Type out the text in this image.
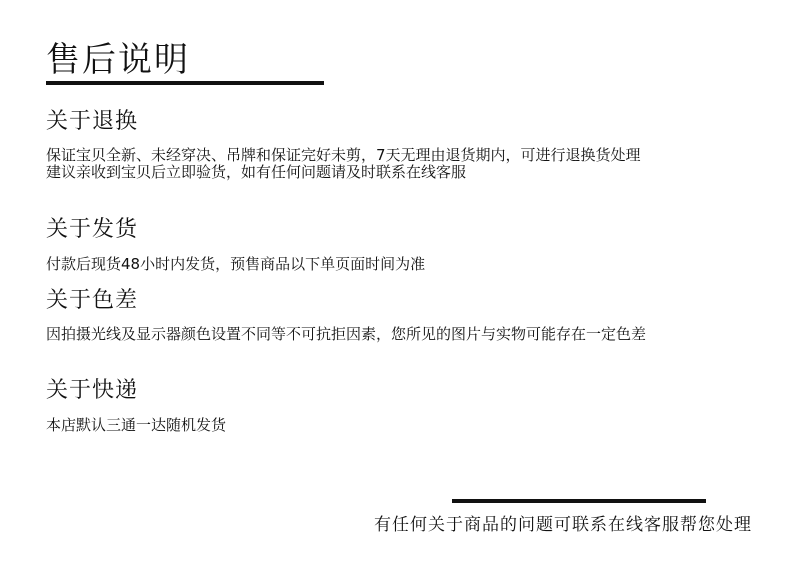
售后说明
关于退换

保证宝贝全新、未经穿决、吊牌和保证完好未剪，7天无理由退货期内，可进行退换货处理

建议亲收到宝贝后立即验货，如有任何问题请及时联系在线客服

关于发货

付款后现货48小时内发货，预售商品以下单页面时间为准

关于色差

因拍摄光线及显示器颜色设置不同等不可抗拒因素，您所见的图片与实物可能存在一定色差

关于快递

本店默认三通一达随机发货

有任何关于商品的问题可联系在线客服帮您处理
